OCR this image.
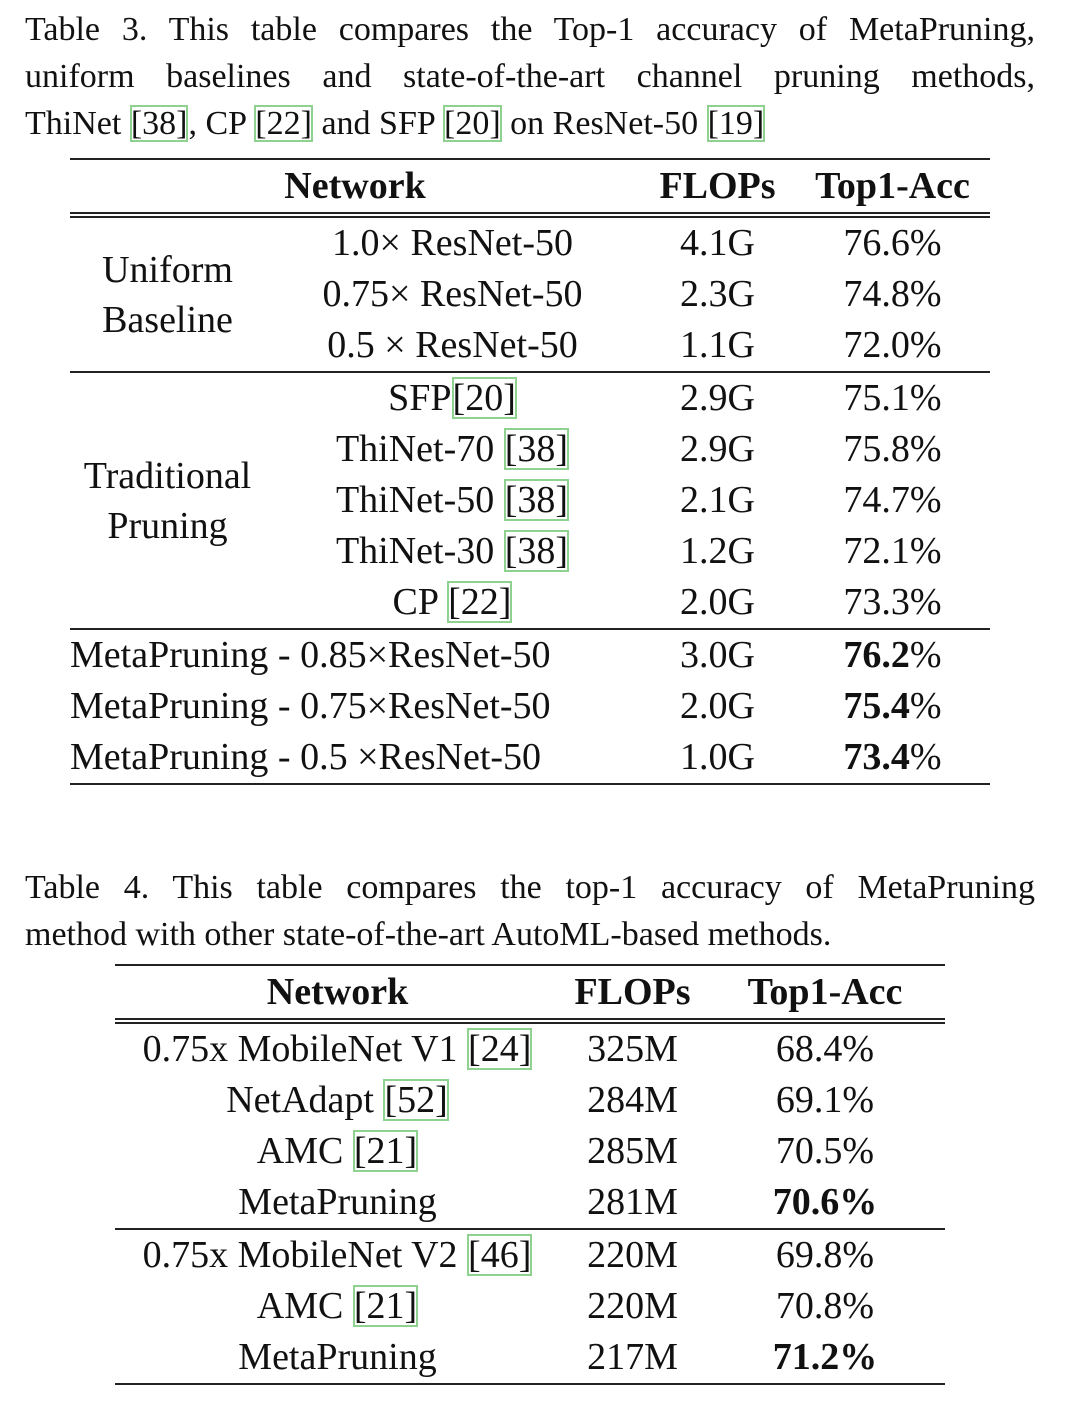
Table 3. This table compares the Top-1 accuracy of MetaPruning,

uniform baselines and state-of-the-art channel pruning methods,

ThiNet [38], CP [22] and SFP [20] on ResNet-50 [19]

Network		FLOPs	Top1-Acc
Uniform
Baseline	1.0× ResNet-50	4.1G	76.6%
	0.75× ResNet-50	2.3G	74.8%
	0.5 × ResNet-50	1.1G	72.0%
Traditional
Pruning	SFP[20]	2.9G	75.1%
	ThiNet-70 [38]	2.9G	75.8%
	ThiNet-50 [38]	2.1G	74.7%
	ThiNet-30 [38]	1.2G	72.1%
	CP [22]	2.0G	73.3%
MetaPruning - 0.85×ResNet-50		3.0G	76.2%
MetaPruning - 0.75×ResNet-50		2.0G	75.4%
MetaPruning - 0.5 ×ResNet-50		1.0G	73.4%

Table 4. This table compares the top-1 accuracy of MetaPruning

method with other state-of-the-art AutoML-based methods.

Network	FLOPs	Top1-Acc
0.75x MobileNet V1 [24]	325M	68.4%
NetAdapt [52]	284M	69.1%
AMC [21]	285M	70.5%
MetaPruning	281M	70.6%
0.75x MobileNet V2 [46]	220M	69.8%
AMC [21]	220M	70.8%
MetaPruning	217M	71.2%
